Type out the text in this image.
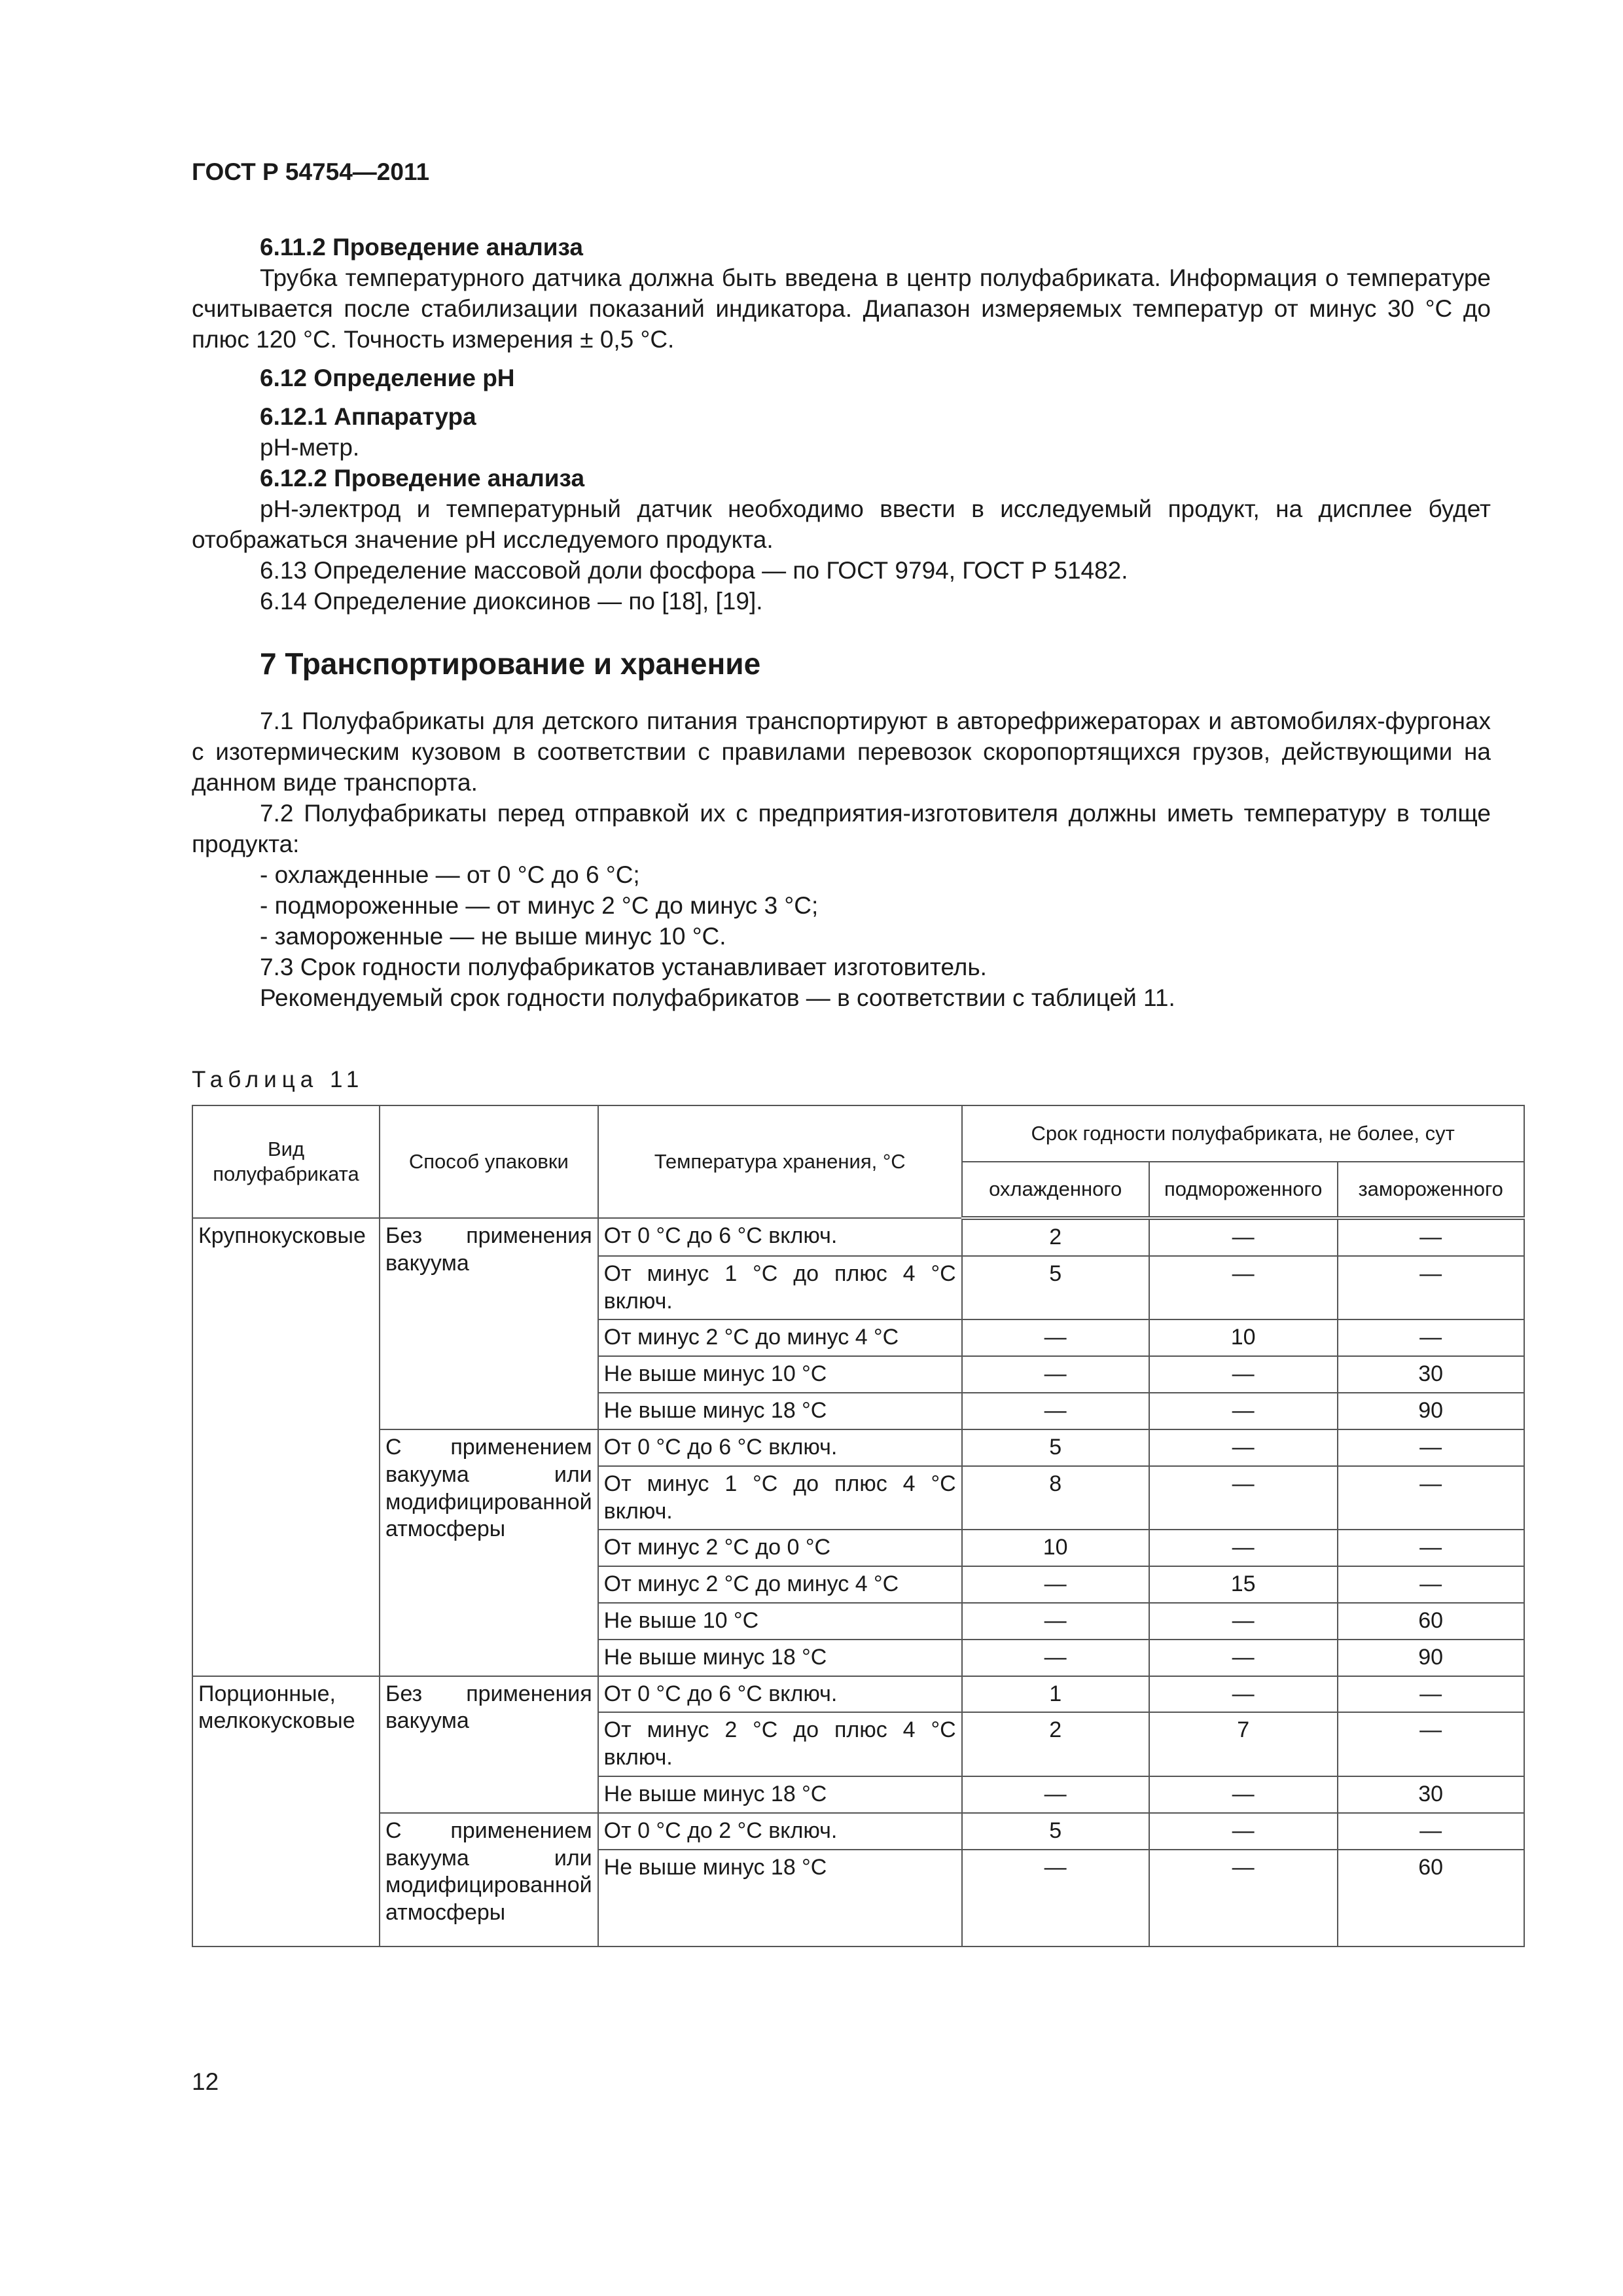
ГОСТ Р 54754—2011

6.11.2 Проведение анализа

Трубка температурного датчика должна быть введена в центр полуфабриката. Информация о температуре считывается после стабилизации показаний индикатора. Диапазон измеряемых температур от минус 30 °С до плюс 120 °С. Точность измерения ± 0,5 °С.

6.12 Определение pH

6.12.1 Аппаратура

pH-метр.

6.12.2 Проведение анализа

pH-электрод и температурный датчик необходимо ввести в исследуемый продукт, на дисплее будет отображаться значение pH исследуемого продукта.

6.13 Определение массовой доли фосфора — по ГОСТ 9794, ГОСТ Р 51482.

6.14 Определение диоксинов — по [18], [19].

7 Транспортирование и хранение

7.1 Полуфабрикаты для детского питания транспортируют в авторефрижераторах и автомобилях-фургонах с изотермическим кузовом в соответствии с правилами перевозок скоропортящихся грузов, действующими на данном виде транспорта.

7.2 Полуфабрикаты перед отправкой их с предприятия-изготовителя должны иметь температуру в толще продукта:

- охлажденные — от 0 °С до 6 °С;

- подмороженные — от минус 2 °С до минус 3 °С;

- замороженные — не выше минус 10 °С.

7.3 Срок годности полуфабрикатов устанавливает изготовитель.

Рекомендуемый срок годности полуфабрикатов — в соответствии с таблицей 11.

Таблица 11
Вид полуфабриката	Способ упаковки	Температура хранения, °С	Срок годности полуфабриката, не более, сут		
			охлажденного	подмороженного	замороженного
Крупнокусковые	Без применения вакуума	От 0 °С до 6 °С включ.	2	—	—
		От минус 1 °С до плюс 4 °С включ.	5	—	—
		От минус 2 °С до минус 4 °С	—	10	—
		Не выше минус 10 °С	—	—	30
		Не выше минус 18 °С	—	—	90
	С применением вакуума или модифицированной атмосферы	От 0 °С до 6 °С включ.	5	—	—
		От минус 1 °С до плюс 4 °С включ.	8	—	—
		От минус 2 °С до 0 °С	10	—	—
		От минус 2 °С до минус 4 °С	—	15	—
		Не выше 10 °С	—	—	60
		Не выше минус 18 °С	—	—	90
Порционные, мелкокусковые	Без применения вакуума	От 0 °С до 6 °С включ.	1	—	—
		От минус 2 °С до плюс 4 °С включ.	2	7	—
		Не выше минус 18 °С	—	—	30
	С применением вакуума или модифицированной атмосферы	От 0 °С до 2 °С включ.	5	—	—
		Не выше минус 18 °С	—	—	60
12
